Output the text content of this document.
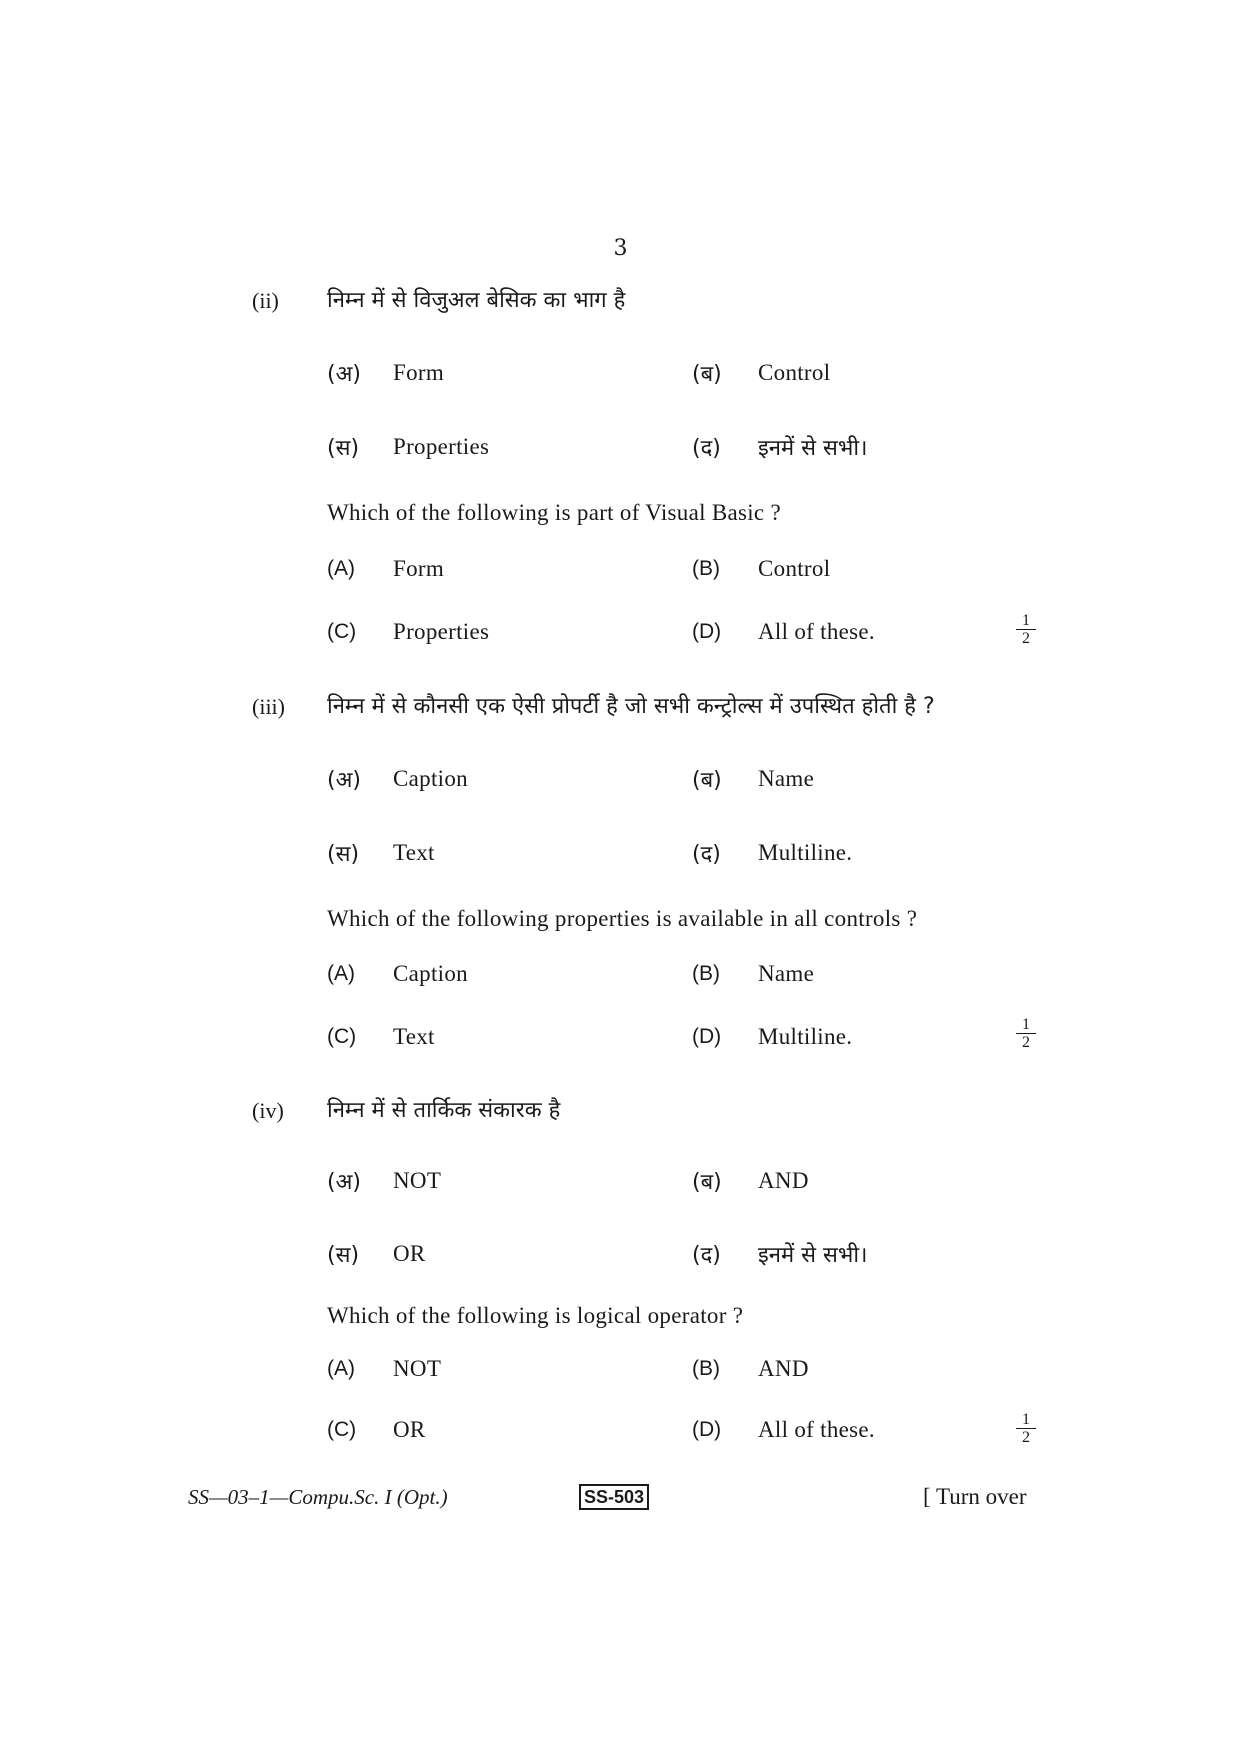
3
(ii) निम्न में से विजुअल बेसिक का भाग है
(अ) Form	(ब) Control
(स) Properties	(द) इनमें से सभी।
Which of the following is part of Visual Basic ?
(A) Form	(B) Control
(C) Properties	(D) All of these.	$\frac{1}{2}$
(iii) निम्न में से कौनसी एक ऐसी प्रोपर्टी है जो सभी कन्ट्रोल्स में उपस्थित होती है ?
(अ) Caption	(ब) Name
(स) Text	(द) Multiline.
Which of the following properties is available in all controls ?
(A) Caption	(B) Name
(C) Text	(D) Multiline.	$\frac{1}{2}$
(iv) निम्न में से तार्किक संकारक है
(अ) NOT	(ब) AND
(स) OR	(द) इनमें से सभी।
Which of the following is logical operator ?
(A) NOT	(B) AND
(C) OR	(D) All of these.	$\frac{1}{2}$
SS—03–1—Compu.Sc. I (Opt.)	SS-503	[ Turn over
